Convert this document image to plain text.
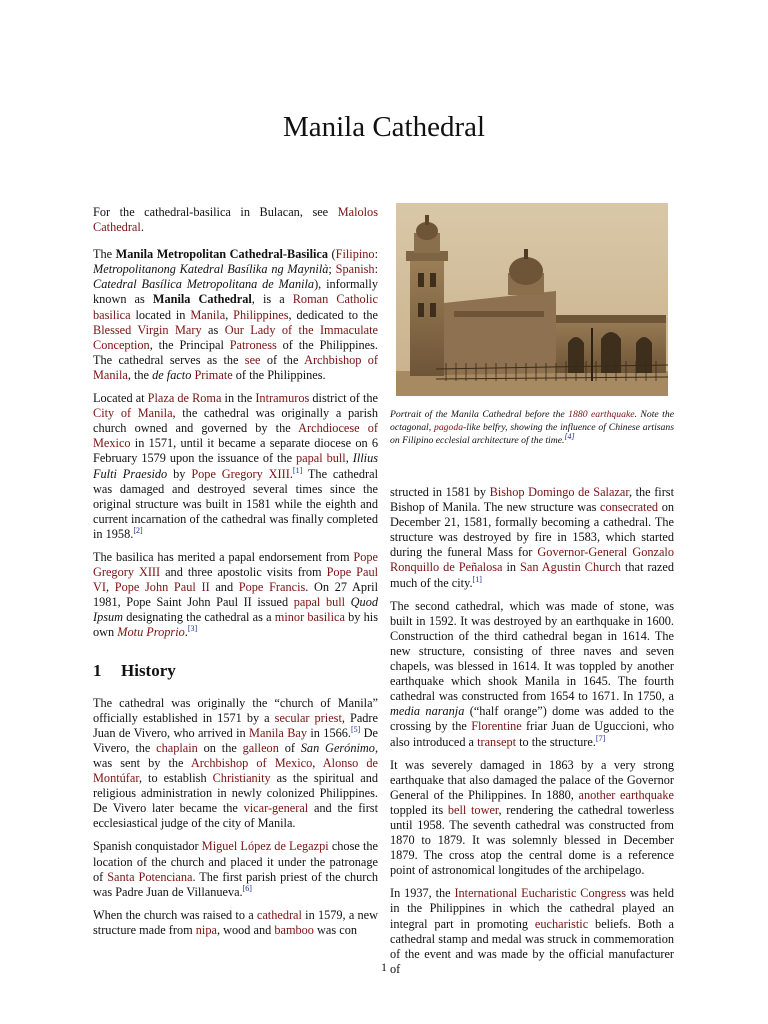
Manila Cathedral

For the cathedral-basilica in Bulacan, see Malolos Cathedral.

The Manila Metropolitan Cathedral-Basilica (Filipino: Metropolitanong Katedral Basílika ng Maynilà; Spanish: Catedral Basílica Metropolitana de Manila), informally known as Manila Cathedral, is a Roman Catholic basilica located in Manila, Philippines, dedicated to the Blessed Virgin Mary as Our Lady of the Immaculate Conception, the Principal Patroness of the Philippines. The cathedral serves as the see of the Archbishop of Manila, the de facto Primate of the Philippines.

Located at Plaza de Roma in the Intramuros district of the City of Manila, the cathedral was originally a parish church owned and governed by the Archdiocese of Mexico in 1571, until it became a separate diocese on 6 February 1579 upon the issuance of the papal bull, Illius Fulti Praesido by Pope Gregory XIII.[1] The cathedral was damaged and destroyed several times since the original structure was built in 1581 while the eighth and current incarnation of the cathedral was finally completed in 1958.[2]

The basilica has merited a papal endorsement from Pope Gregory XIII and three apostolic visits from Pope Paul VI, Pope John Paul II and Pope Francis. On 27 April 1981, Pope Saint John Paul II issued papal bull Quod Ipsum designating the cathedral as a minor basilica by his own Motu Proprio.[3]

1 History

The cathedral was originally the “church of Manila” officially established in 1571 by a secular priest, Padre Juan de Vivero, who arrived in Manila Bay in 1566.[5] De Vivero, the chaplain on the galleon of San Gerónimo, was sent by the Archbishop of Mexico, Alonso de Montúfar, to establish Christianity as the spiritual and religious administration in newly colonized Philippines. De Vivero later became the vicar-general and the first ecclesiastical judge of the city of Manila.

Spanish conquistador Miguel López de Legazpi chose the location of the church and placed it under the patronage of Santa Potenciana. The first parish priest of the church was Padre Juan de Villanueva.[6]

When the church was raised to a cathedral in 1579, a new structure made from nipa, wood and bamboo was con

Portrait of the Manila Cathedral before the 1880 earthquake. Note the octagonal, pagoda-like belfry, showing the influence of Chinese artisans on Filipino ecclesial architecture of the time.[4]

structed in 1581 by Bishop Domingo de Salazar, the first Bishop of Manila. The new structure was consecrated on December 21, 1581, formally becoming a cathedral. The structure was destroyed by fire in 1583, which started during the funeral Mass for Governor-General Gonzalo Ronquillo de Peñalosa in San Agustin Church that razed much of the city.[1]

The second cathedral, which was made of stone, was built in 1592. It was destroyed by an earthquake in 1600. Construction of the third cathedral began in 1614. The new structure, consisting of three naves and seven chapels, was blessed in 1614. It was toppled by another earthquake which shook Manila in 1645. The fourth cathedral was constructed from 1654 to 1671. In 1750, a media naranja (“half orange”) dome was added to the crossing by the Florentine friar Juan de Uguccioni, who also introduced a transept to the structure.[7]

It was severely damaged in 1863 by a very strong earthquake that also damaged the palace of the Governor General of the Philippines. In 1880, another earthquake toppled its bell tower, rendering the cathedral towerless until 1958. The seventh cathedral was constructed from 1870 to 1879. It was solemnly blessed in December 1879. The cross atop the central dome is a reference point of astronomical longitudes of the archipelago.

In 1937, the International Eucharistic Congress was held in the Philippines in which the cathedral played an integral part in promoting eucharistic beliefs. Both a cathedral stamp and medal was struck in commemoration of the event and was made by the official manufacturer of

1
